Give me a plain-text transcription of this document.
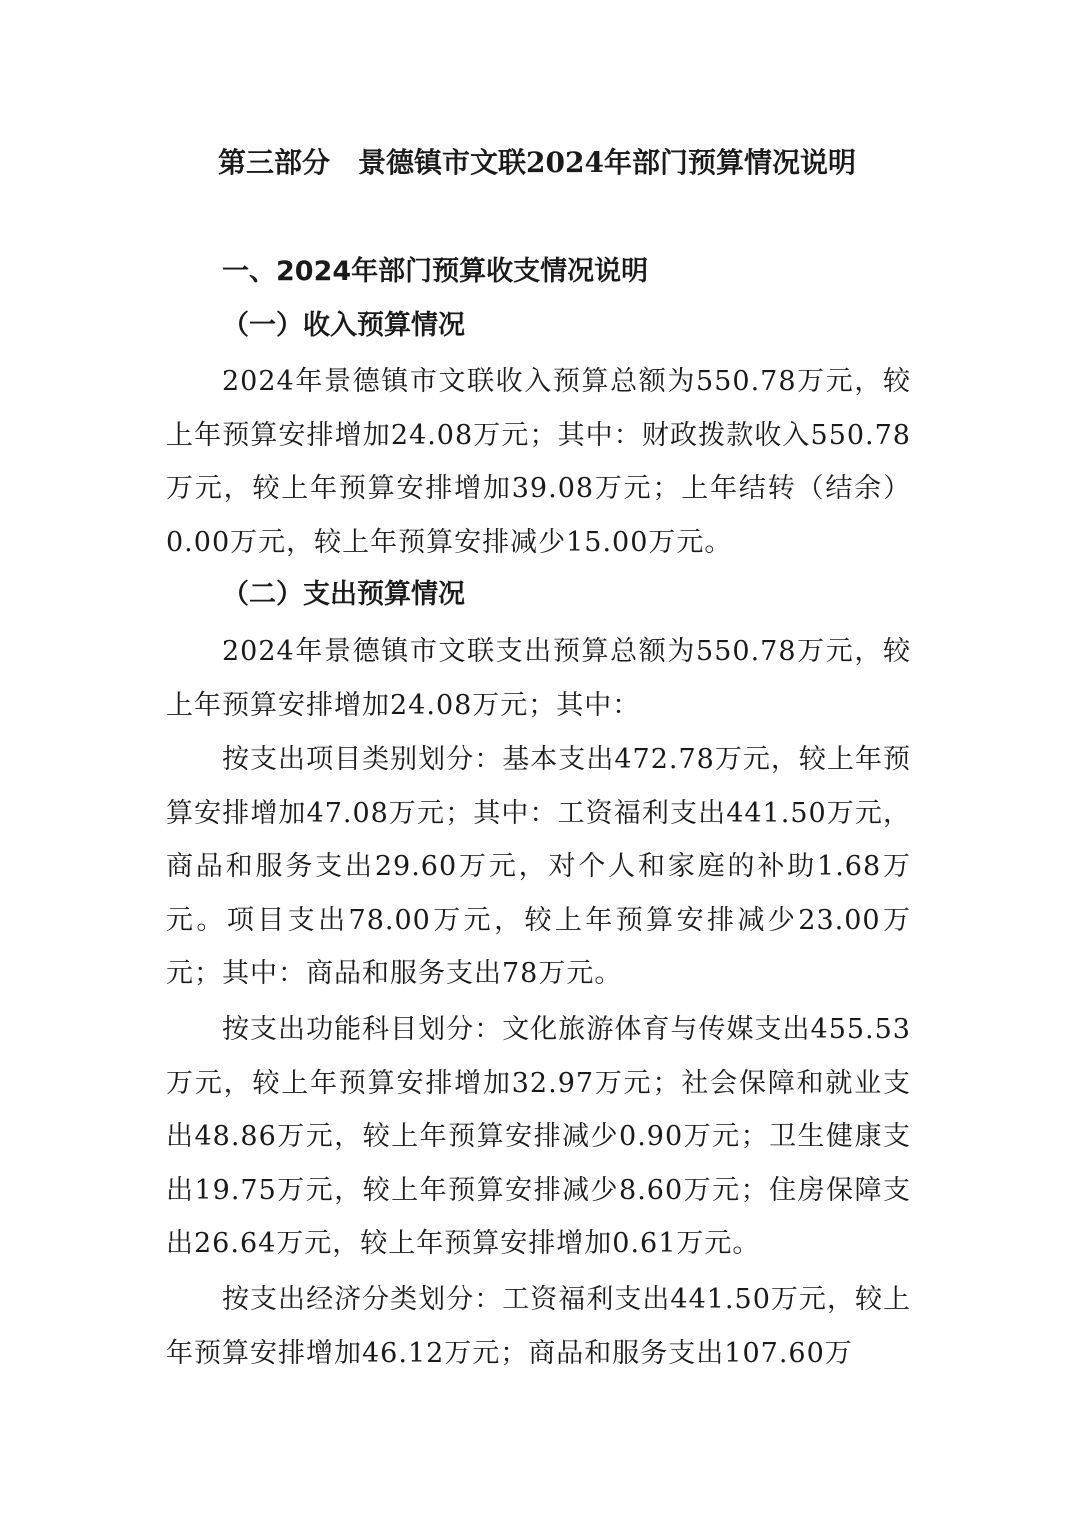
第三部分　景德镇市文联2024年部门预算情况说明
一、2024年部门预算收支情况说明
（一）收入预算情况
2024年景德镇市文联收入预算总额为550.78万元，较上年预算安排增加24.08万元；其中：财政拨款收入550.78万元，较上年预算安排增加39.08万元；上年结转（结余）0.00万元，较上年预算安排减少15.00万元。
（二）支出预算情况
2024年景德镇市文联支出预算总额为550.78万元，较上年预算安排增加24.08万元；其中：
按支出项目类别划分：基本支出472.78万元，较上年预算安排增加47.08万元；其中：工资福利支出441.50万元，商品和服务支出29.60万元，对个人和家庭的补助1.68万元。项目支出78.00万元，较上年预算安排减少23.00万元；其中：商品和服务支出78万元。
按支出功能科目划分：文化旅游体育与传媒支出455.53万元，较上年预算安排增加32.97万元；社会保障和就业支出48.86万元，较上年预算安排减少0.90万元；卫生健康支出19.75万元，较上年预算安排减少8.60万元；住房保障支出26.64万元，较上年预算安排增加0.61万元。
按支出经济分类划分：工资福利支出441.50万元，较上年预算安排增加46.12万元；商品和服务支出107.60万
